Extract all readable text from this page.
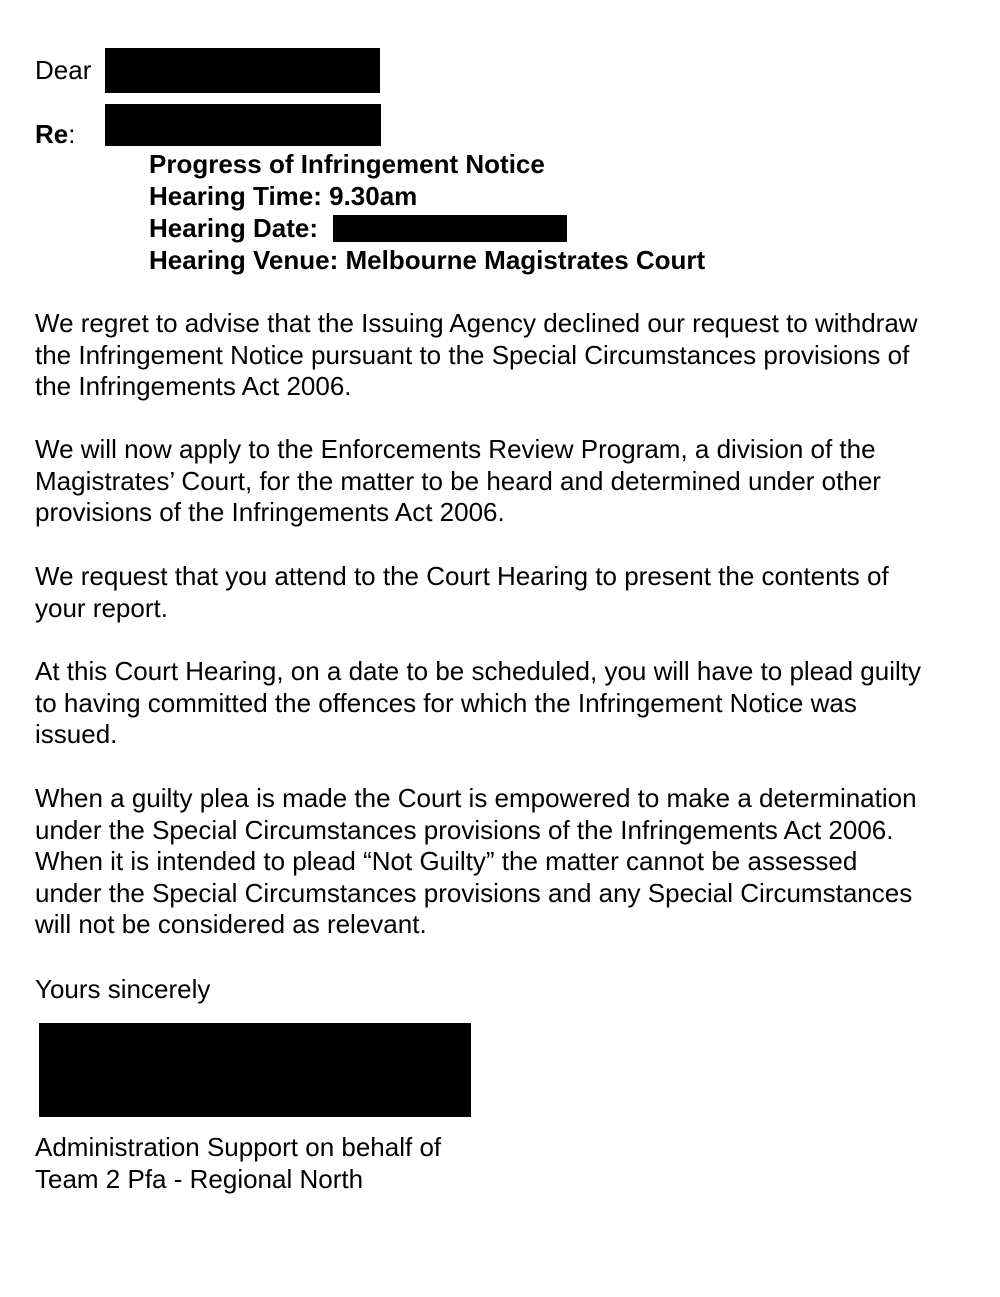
Dear
Re:
Progress of Infringement Notice
Hearing Time: 9.30am
Hearing Date:
Hearing Venue: Melbourne Magistrates Court

We regret to advise that the Issuing Agency declined our request to withdraw
the Infringement Notice pursuant to the Special Circumstances provisions of
the Infringements Act 2006.

We will now apply to the Enforcements Review Program, a division of the
Magistrates’ Court, for the matter to be heard and determined under other
provisions of the Infringements Act 2006.

We request that you attend to the Court Hearing to present the contents of
your report.

At this Court Hearing, on a date to be scheduled, you will have to plead guilty
to having committed the offences for which the Infringement Notice was
issued.

When a guilty plea is made the Court is empowered to make a determination
under the Special Circumstances provisions of the Infringements Act 2006.
When it is intended to plead “Not Guilty” the matter cannot be assessed
under the Special Circumstances provisions and any Special Circumstances
will not be considered as relevant.

Yours sincerely
Administration Support on behalf of
Team 2 Pfa - Regional North
